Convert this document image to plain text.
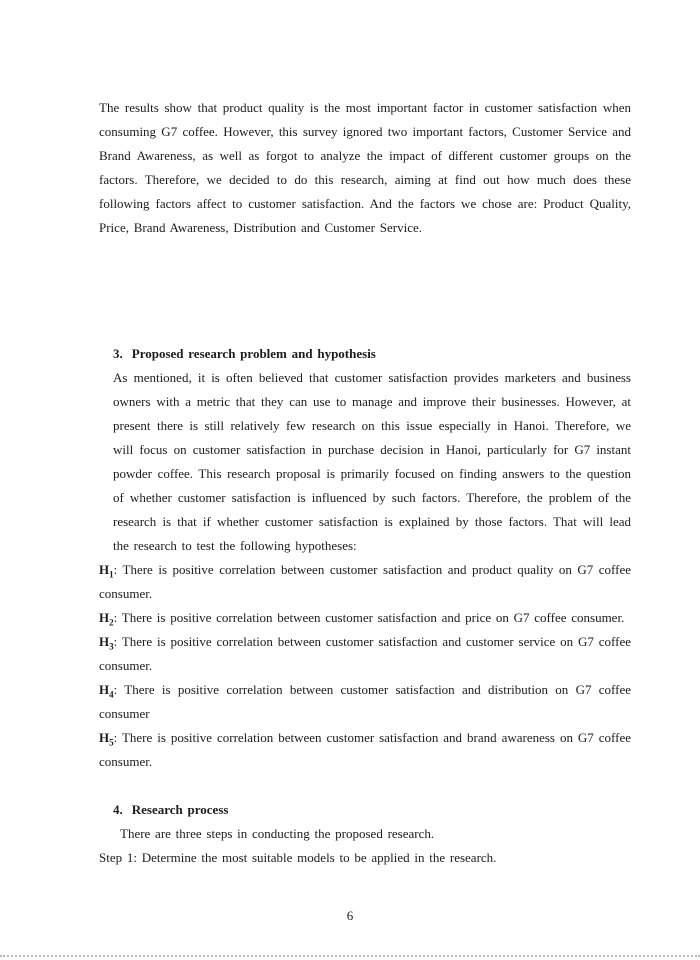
The results show that product quality is the most important factor in customer satisfaction when consuming G7 coffee. However, this survey ignored two important factors, Customer Service and Brand Awareness, as well as forgot to analyze the impact of different customer groups on the factors. Therefore, we decided to do this research, aiming at find out how much does these following factors affect to customer satisfaction. And the factors we chose are: Product Quality, Price, Brand Awareness, Distribution and Customer Service.

3. Proposed research problem and hypothesis

As mentioned, it is often believed that customer satisfaction provides marketers and business owners with a metric that they can use to manage and improve their businesses. However, at present there is still relatively few research on this issue especially in Hanoi. Therefore, we will focus on customer satisfaction in purchase decision in Hanoi, particularly for G7 instant powder coffee. This research proposal is primarily focused on finding answers to the question of whether customer satisfaction is influenced by such factors. Therefore, the problem of the research is that if whether customer satisfaction is explained by those factors. That will lead the research to test the following hypotheses:

$H_1$: There is positive correlation between customer satisfaction and product quality on G7 coffee consumer.

$H_2$: There is positive correlation between customer satisfaction and price on G7 coffee consumer.

$H_3$: There is positive correlation between customer satisfaction and customer service on G7 coffee consumer.

$H_4$: There is positive correlation between customer satisfaction and distribution on G7 coffee consumer

$H_5$: There is positive correlation between customer satisfaction and brand awareness on G7 coffee consumer.

4. Research process

There are three steps in conducting the proposed research.

Step 1: Determine the most suitable models to be applied in the research.

6
